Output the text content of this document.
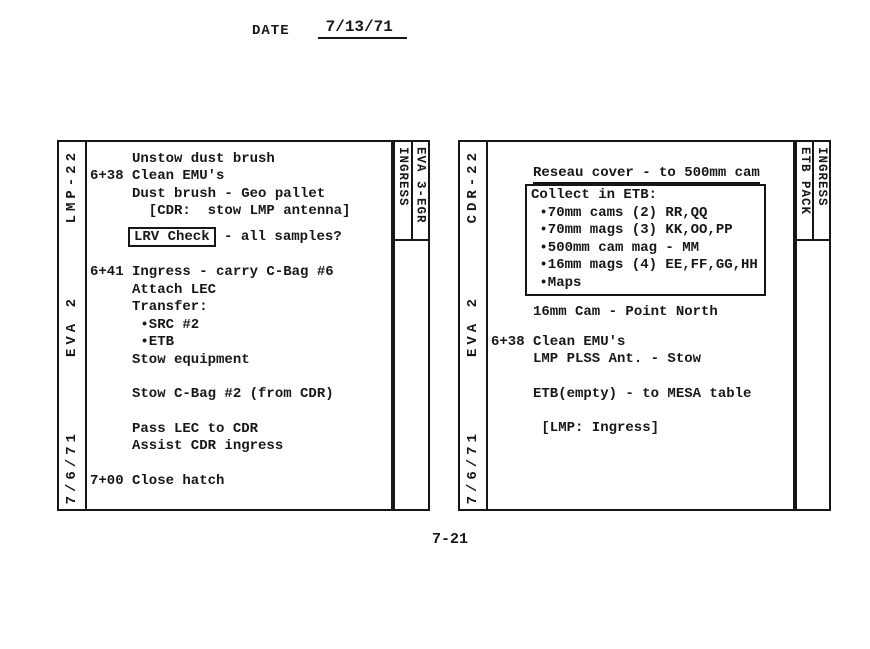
DATE	7/13/71
LMP-22
EVA 2
7/6/71
Unstow dust brush
6+38 Clean EMU's
Dust brush - Geo pallet
[CDR:  stow LMP antenna]
LRV Check - all samples?
6+41 Ingress - carry C-Bag #6
Attach LEC
Transfer:
•SRC #2
•ETB
Stow equipment
Stow C-Bag #2 (from CDR)
Pass LEC to CDR
Assist CDR ingress
7+00 Close hatch
INGRESS EVA 3-EGR	CDR-22
EVA 2
7/6/71
Reseau cover - to 500mm cam
Collect in ETB:
•70mm cams (2) RR,QQ
•70mm mags (3) KK,OO,PP
•500mm cam mag - MM
•16mm mags (4) EE,FF,GG,HH
•Maps
16mm Cam - Point North
6+38 Clean EMU's
LMP PLSS Ant. - Stow
ETB(empty) - to MESA table
[LMP: Ingress]
ETB PACK INGRESS
7-21
